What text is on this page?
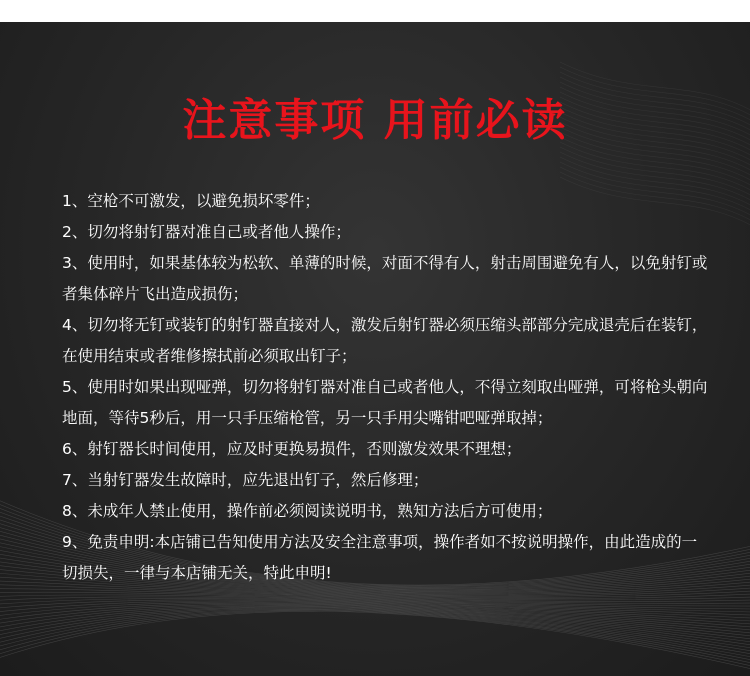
注意事项 用前必读
1、空枪不可激发，以避免损坏零件；
2、切勿将射钉器对准自己或者他人操作；
3、使用时，如果基体较为松软、单薄的时候，对面不得有人，射击周围避免有人，以免射钉或者集体碎片飞出造成损伤；
4、切勿将无钉或装钉的射钉器直接对人，激发后射钉器必须压缩头部部分完成退壳后在装钉，在使用结束或者维修擦拭前必须取出钉子；
5、使用时如果出现哑弹，切勿将射钉器对准自己或者他人，不得立刻取出哑弹，可将枪头朝向地面，等待5秒后，用一只手压缩枪管，另一只手用尖嘴钳吧哑弹取掉；
6、射钉器长时间使用，应及时更换易损件，否则激发效果不理想；
7、当射钉器发生故障时，应先退出钉子，然后修理；
8、未成年人禁止使用，操作前必须阅读说明书，熟知方法后方可使用；
9、免责申明:本店铺已告知使用方法及安全注意事项，操作者如不按说明操作，由此造成的一切损失，一律与本店铺无关，特此申明!
